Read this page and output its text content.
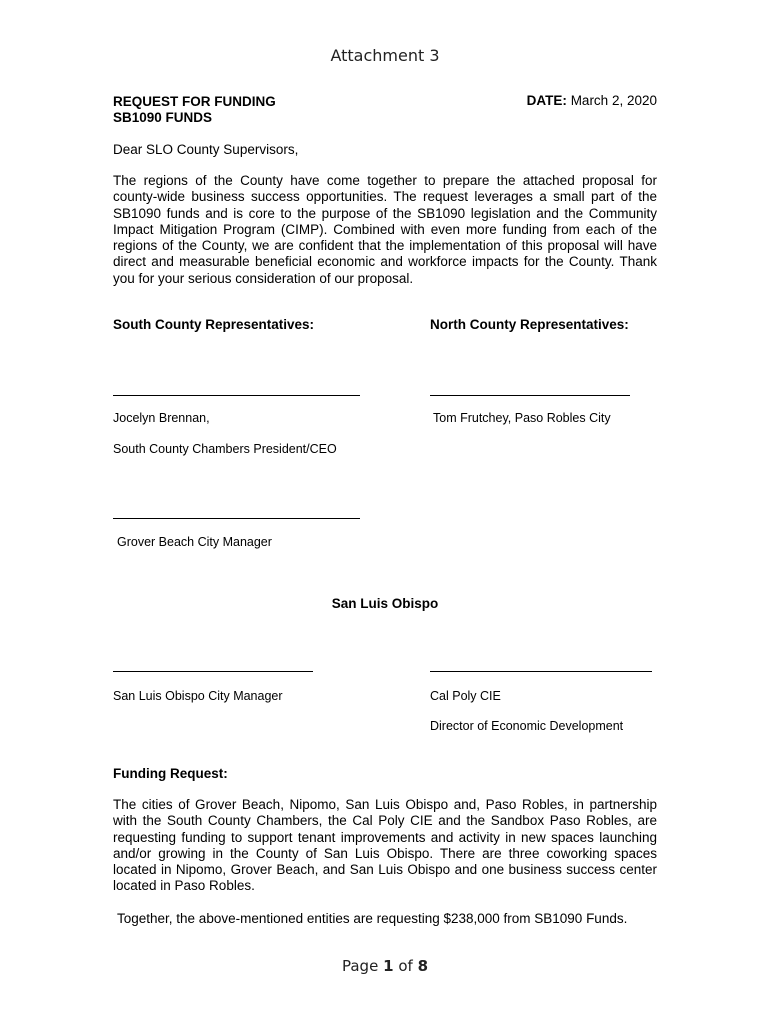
Attachment 3
REQUEST FOR FUNDING
SB1090 FUNDS
DATE: March 2, 2020
Dear SLO County Supervisors,
The regions of the County have come together to prepare the attached proposal for county-wide business success opportunities. The request leverages a small part of the SB1090 funds and is core to the purpose of the SB1090 legislation and the Community Impact Mitigation Program (CIMP). Combined with even more funding from each of the regions of the County, we are confident that the implementation of this proposal will have direct and measurable beneficial economic and workforce impacts for the County. Thank you for your serious consideration of our proposal.
South County Representatives:	North County Representatives:
Jocelyn Brennan,	Tom Frutchey, Paso Robles City
South County Chambers President/CEO
Grover Beach City Manager
San Luis Obispo
San Luis Obispo City Manager	Cal Poly CIE
Director of Economic Development
Funding Request:
The cities of Grover Beach, Nipomo, San Luis Obispo and, Paso Robles, in partnership with the South County Chambers, the Cal Poly CIE and the Sandbox Paso Robles, are requesting funding to support tenant improvements and activity in new spaces launching and/or growing in the County of San Luis Obispo. There are three coworking spaces located in Nipomo, Grover Beach, and San Luis Obispo and one business success center located in Paso Robles.
Together, the above-mentioned entities are requesting $238,000 from SB1090 Funds.
Page 1 of 8
